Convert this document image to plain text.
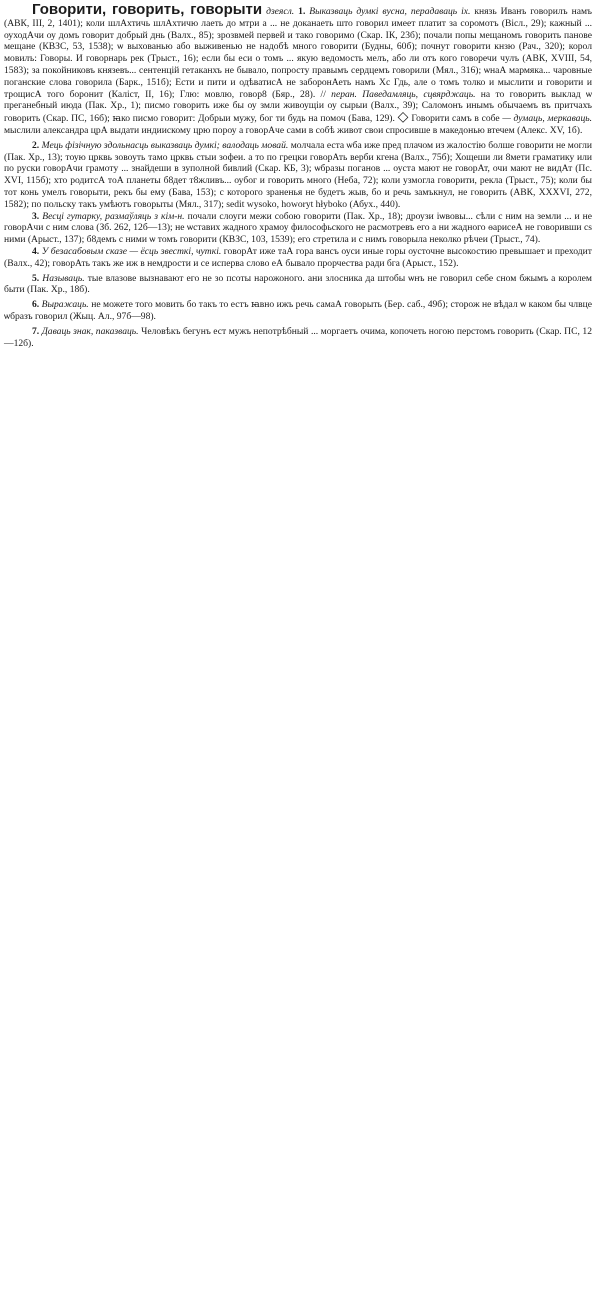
Говорити, говорить, говорыти дзеясл. 1. Выказваць думкі вусна, перадаваць іх. князь Иванъ говорилъ намъ (АВК, III, 2, 1401); коли шлАхтичь шлАхтичю лаеть до мтри а ... не доканаеть што говорил имеет платит за соромотъ (Віcл., 29); кажный ... оуходАчи оу домъ говорит добрый днь (Валх., 85); зрозвмей первей и тако говоримо (Скар. ІК, 23б); почали попы мещаномъ говорить панове мещане (КВЗС, 53, 1538); ѡ выхованью або выживенью не надобѣ много говорити (Будны, 60б); почнут говорити кнзю (Рач., 320); корол мовилъ: Говоры. И говорнарь рек (Трыст., 16); если бы еси о томъ ... якую ведомость мелъ, або ли отъ кого говоречи чулъ (АВК, XVIII, 54, 1583); за покойниковъ князевъ... сентенцій гетаканхъ не бывало, попросту правымъ сердцемъ говорили (Мял., 316); ѡнаА мармяка... чаровные поганские слова говорила (Барк., 151б); Ести и пити и одѣватисА не заборонАеть намъ Хс Гдь, але о томъ толко и мыслити и говорити и трощисА того боронит (Каліст, II, 16); Глю: мовлю, говор8 (Бяр., 28). // перан. Паведамляць, сцвярджаць. на то говорить выклад ѡ преганебный июда (Пак. Хр., 1); писмо говорить иже бы оу змли живоущіи оу сырыи (Валх., 39); Саломонъ инымъ обычаемъ въ притчахъ говорить (Скар. ПС, 16б); ꙗко писмо говорит: Добрыи мужу, бог ти будь на помоч (Бава, 129). ◇ Говорити самъ в собе — думаць, меркаваць. мыслили александра црА выдати индиискому црю пороу а говорАче сами в собѣ живот свои спросивше в македонью втечем (Алекс. XV, 1б).

2. Мець фізічную здольнасць выказваць думкі; валодаць мовай. молчала еста ѡба иже пред плачом из жалостію болше говорити не могли (Пак. Хр., 13); тоую црквь зовоуть тамо црквь стыи зофеи. а то по грецки говорАть верби кгена (Валх., 75б); Хощеши ли 8мети граматику или по руски говорАчи грамоту ... знайдеши в зуполной бивлий (Скар. КБ, 3); ѡбразы поганов ... оуста мают не говорАт, очи мают не видАт (Пс. XVI, 115б); хто родитсА тоА планеты б8дет т8жливъ... оубог и говорить много (Неба, 72); коли узмогла говорити, рекла (Трыст., 75); коли бы тот конь умелъ говорыти, рекъ бы ему (Бава, 153); с которого зраненья не будетъ жыв, бо и речь замъкнул, не говорить (АВК, XXXVI, 272, 1582); по польску такъ умѣютъ говорыты (Мял., 317); sedit wysoko, howoryt hłyboko (Абух., 440).

3. Весці гутарку, размаўляць з кім-н. почали слоуги межи собою говорити (Пак. Хр., 18); дроузи іѡвовы... сѣли с ним на земли ... и не говорАчи с ним слова (Зб. 262, 12б—13); не ѡставих жадного храмоу философьского не расмотревъ его а ни жадного ѳарисеА не говоривши сѕ ними (Арыст., 137); б8демъ с ними ѡ томъ говорити (КВЗС, 103, 1539); его стретила и с нимъ говорыла неколко рѣчеи (Трыст., 74).

4. У безасабовым сказе — ёсць звесткі, чуткі. говорАт иже таА гора вансъ оуси иные горы оусточне высокостию превышает и преходит (Валх., 42); говорАть такъ же иж в немдрости и се исперва слово еА бывало прорчества ради бга (Арыст., 152).

5. Называць. тые влазове вызнавают его не зо псоты нарожоного. ани злосника да штобы ѡнъ не говорил себе сном бжымъ а королем быти (Пак. Хр., 18б).

6. Выражаць. не можете того мовить бо такъ то естъ ꙗвно ижъ речь самаА говорыть (Бер. саб., 49б); сторож не вѣдал ѡ каком бы члвце ѡбразъ говорил (Жыц. Ал., 97б—98).

7. Даваць знак, паказваць. Человѣкъ бегунъ ест мужъ непотрѣбный ... моргаетъ очима, копочеть ногою перстомъ говорить (Скар. ПС, 12—12б).
